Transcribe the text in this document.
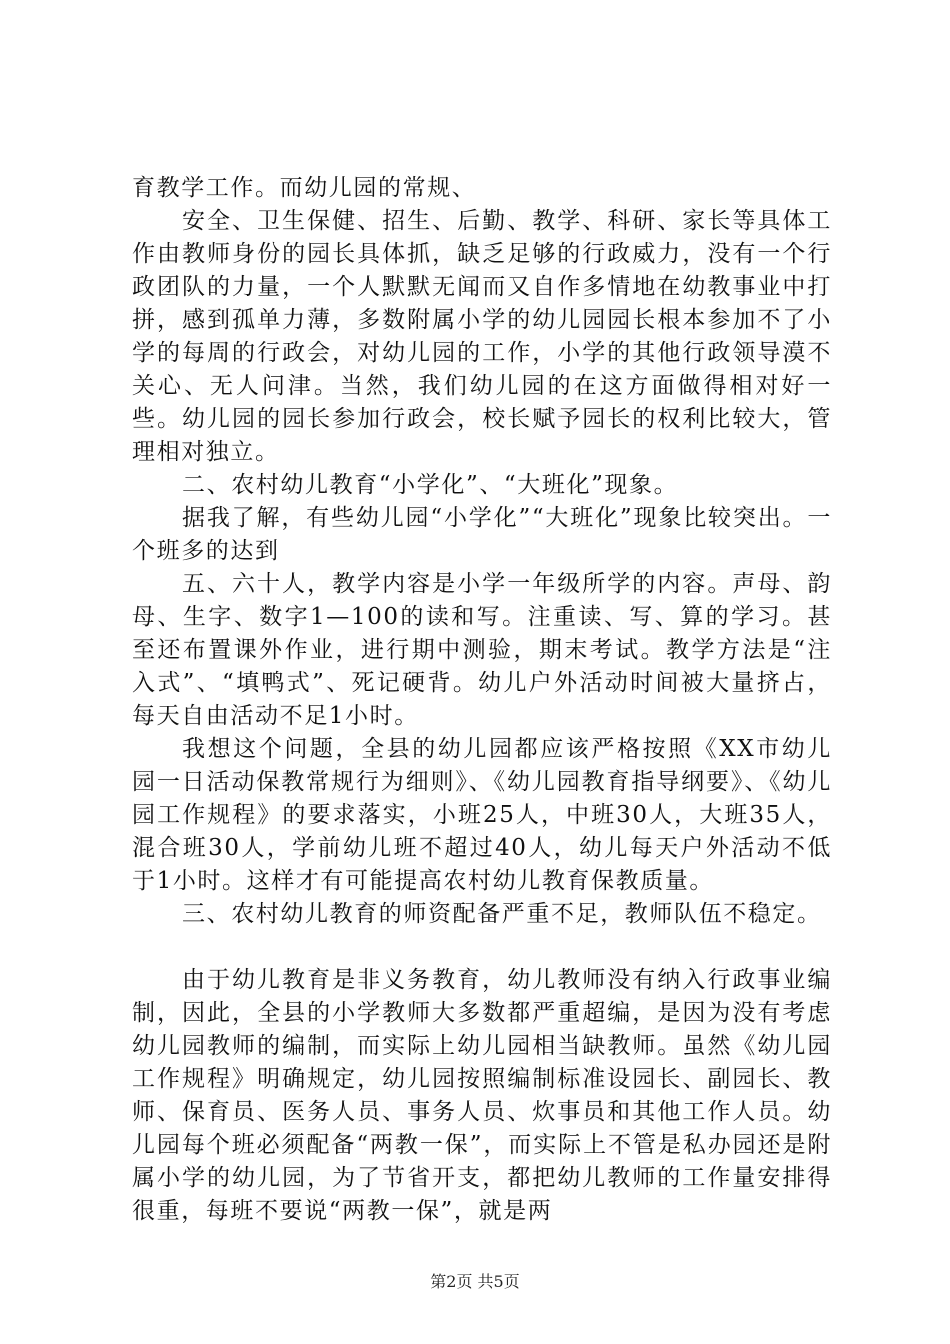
育教学工作。而幼儿园的常规、

安全、卫生保健、招生、后勤、教学、科研、家长等具体工作由教师身份的园长具体抓，缺乏足够的行政威力，没有一个行政团队的力量，一个人默默无闻而又自作多情地在幼教事业中打拼，感到孤单力薄，多数附属小学的幼儿园园长根本参加不了小学的每周的行政会，对幼儿园的工作，小学的其他行政领导漠不关心、无人问津。当然，我们幼儿园的在这方面做得相对好一些。幼儿园的园长参加行政会，校长赋予园长的权利比较大，管理相对独立。

二、农村幼儿教育“小学化”、“大班化”现象。

据我了解，有些幼儿园“小学化”“大班化”现象比较突出。一个班多的达到

五、六十人，教学内容是小学一年级所学的内容。声母、韵母、生字、数字1—100的读和写。注重读、写、算的学习。甚至还布置课外作业，进行期中测验，期末考试。教学方法是“注入式”、“填鸭式”、死记硬背。幼儿户外活动时间被大量挤占，每天自由活动不足1小时。

我想这个问题，全县的幼儿园都应该严格按照《XX市幼儿园一日活动保教常规行为细则》、《幼儿园教育指导纲要》、《幼儿园工作规程》的要求落实，小班25人，中班30人，大班35人，混合班30人，学前幼儿班不超过40人，幼儿每天户外活动不低于1小时。这样才有可能提高农村幼儿教育保教质量。

三、农村幼儿教育的师资配备严重不足，教师队伍不稳定。

由于幼儿教育是非义务教育，幼儿教师没有纳入行政事业编制，因此，全县的小学教师大多数都严重超编，是因为没有考虑幼儿园教师的编制，而实际上幼儿园相当缺教师。虽然《幼儿园工作规程》明确规定，幼儿园按照编制标准设园长、副园长、教师、保育员、医务人员、事务人员、炊事员和其他工作人员。幼儿园每个班必须配备“两教一保”，而实际上不管是私办园还是附属小学的幼儿园，为了节省开支，都把幼儿教师的工作量安排得很重，每班不要说“两教一保”，就是两

第2页 共5页
